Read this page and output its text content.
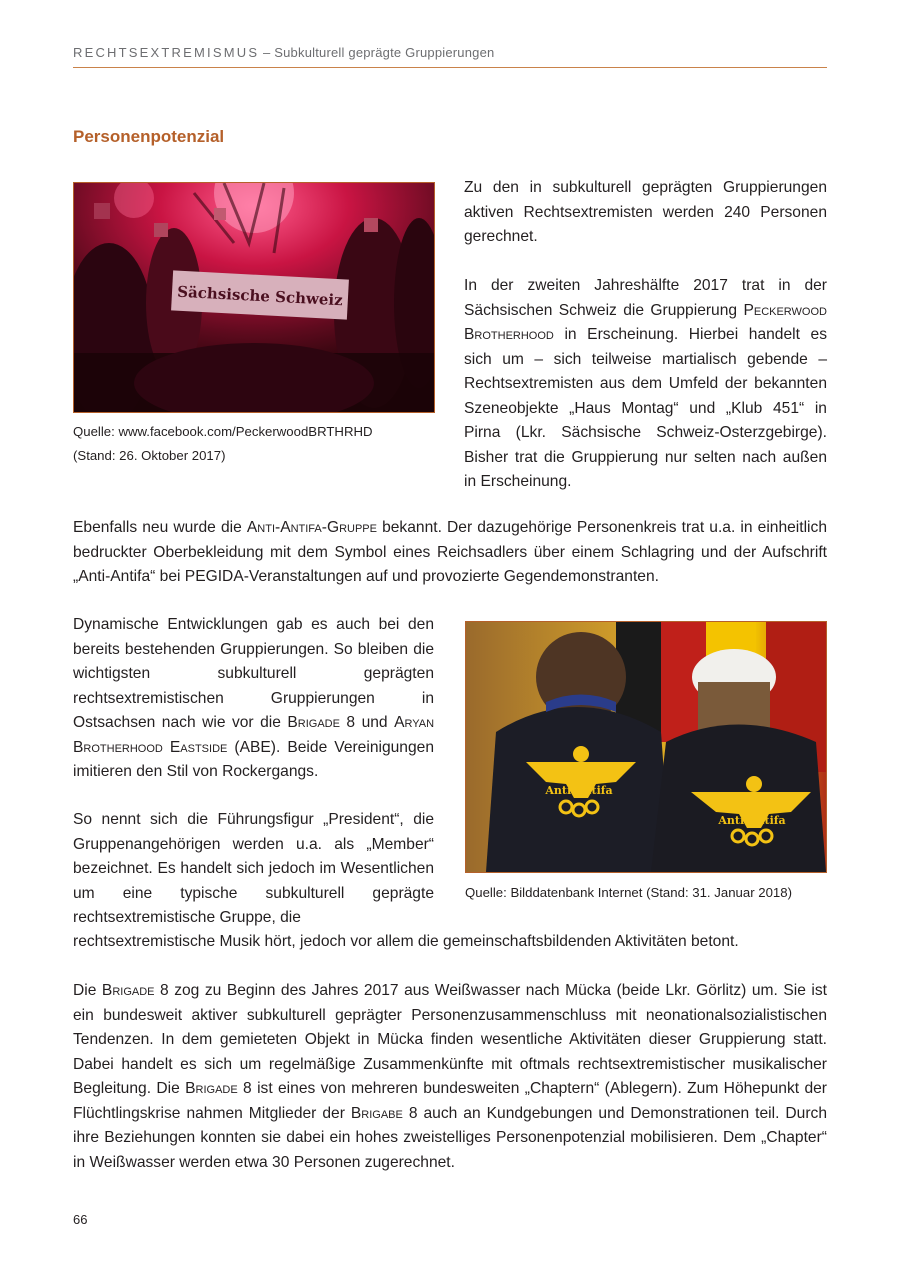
RECHTSEXTREMISMUS – Subkulturell geprägte Gruppierungen
Personenpotenzial
Sächsische Schweiz
Quelle: www.facebook.com/PeckerwoodBRTHRHD
(Stand: 26. Oktober 2017)

Zu den in subkulturell geprägten Gruppierungen aktiven Rechtsextremisten werden 240 Personen gerechnet.

In der zweiten Jahreshälfte 2017 trat in der Sächsischen Schweiz die Gruppierung Peckerwood Brotherhood in Erscheinung. Hierbei handelt es sich um – sich teilweise martialisch gebende – Rechtsextremisten aus dem Umfeld der bekannten Szeneobjekte „Haus Montag“ und „Klub 451“ in Pirna (Lkr. Sächsische Schweiz-Osterzgebirge). Bisher trat die Gruppierung nur selten nach außen in Erscheinung.

Ebenfalls neu wurde die Anti-Antifa-Gruppe bekannt. Der dazugehörige Personenkreis trat u.a. in einheitlich bedruckter Oberbekleidung mit dem Symbol eines Reichsadlers über einem Schlagring und der Aufschrift „Anti-Antifa“ bei PEGIDA-Veranstaltungen auf und provozierte Gegendemonstranten.

Anti Antifa
Anti Antifa
Quelle: Bilddatenbank Internet (Stand: 31. Januar 2018)

Dynamische Entwicklungen gab es auch bei den bereits bestehenden Gruppierungen. So bleiben die wichtigsten subkulturell geprägten rechtsextremistischen Gruppierungen in Ostsachsen nach wie vor die Brigade 8 und Aryan Brotherhood Eastside (ABE). Beide Vereinigungen imitieren den Stil von Rockergangs.

So nennt sich die Führungsfigur „President“, die Gruppenangehörigen werden u.a. als „Member“ bezeichnet. Es handelt sich jedoch im Wesentlichen um eine typische subkulturell geprägte rechtsextremistische Gruppe, die

rechtsextremistische Musik hört, jedoch vor allem die gemeinschaftsbildenden Aktivitäten betont.

Die Brigade 8 zog zu Beginn des Jahres 2017 aus Weißwasser nach Mücka (beide Lkr. Görlitz) um. Sie ist ein bundesweit aktiver subkulturell geprägter Personenzusammenschluss mit neonationalsozialistischen Tendenzen. In dem gemieteten Objekt in Mücka finden wesentliche Aktivitäten dieser Gruppierung statt. Dabei handelt es sich um regelmäßige Zusammenkünfte mit oftmals rechtsextremistischer musikalischer Begleitung. Die Brigade 8 ist eines von mehreren bundesweiten „Chaptern“ (Ablegern). Zum Höhepunkt der Flüchtlingskrise nahmen Mitglieder der Brigabe 8 auch an Kundgebungen und Demonstrationen teil. Durch ihre Beziehungen konnten sie dabei ein hohes zweistelliges Personenpotenzial mobilisieren. Dem „Chapter“ in Weißwasser werden etwa 30 Personen zugerechnet.

66
